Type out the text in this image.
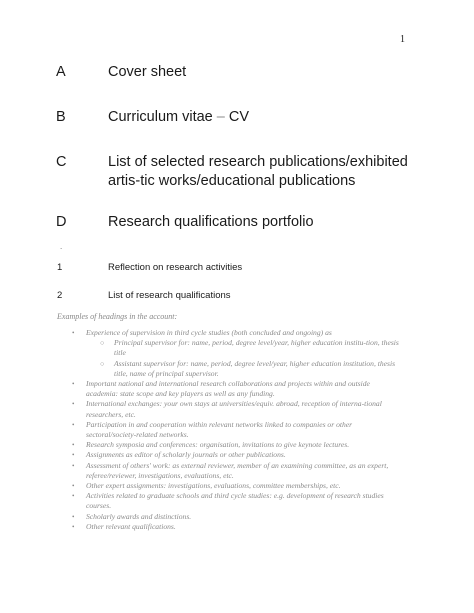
1
A	Cover sheet
B	Curriculum vitae – CV
C	List of selected research publications/exhibited artis-tic works/educational publications
D	Research qualifications portfolio
.
1	Reflection on research activities
2	List of research qualifications
Examples of headings in the account:
• Experience of supervision in third cycle studies (both concluded and ongoing) as
○ Principal supervisor for: name, period, degree level/year, higher education institu-tion, thesis title
○ Assistant supervisor for: name, period, degree level/year, higher education institution, thesis title, name of principal supervisor.
• Important national and international research collaborations and projects within and outside academia: state scope and key players as well as any funding.
• International exchanges: your own stays at universities/equiv. abroad, reception of interna-tional researchers, etc.
• Participation in and cooperation within relevant networks linked to companies or other sectoral/society-related networks.
• Research symposia and conferences: organisation, invitations to give keynote lectures.
• Assignments as editor of scholarly journals or other publications.
• Assessment of others' work: as external reviewer, member of an examining committee, as an expert, referee/reviewer, investigations, evaluations, etc.
• Other expert assignments: investigations, evaluations, committee memberships, etc.
• Activities related to graduate schools and third cycle studies: e.g. development of research studies courses.
• Scholarly awards and distinctions.
• Other relevant qualifications.
